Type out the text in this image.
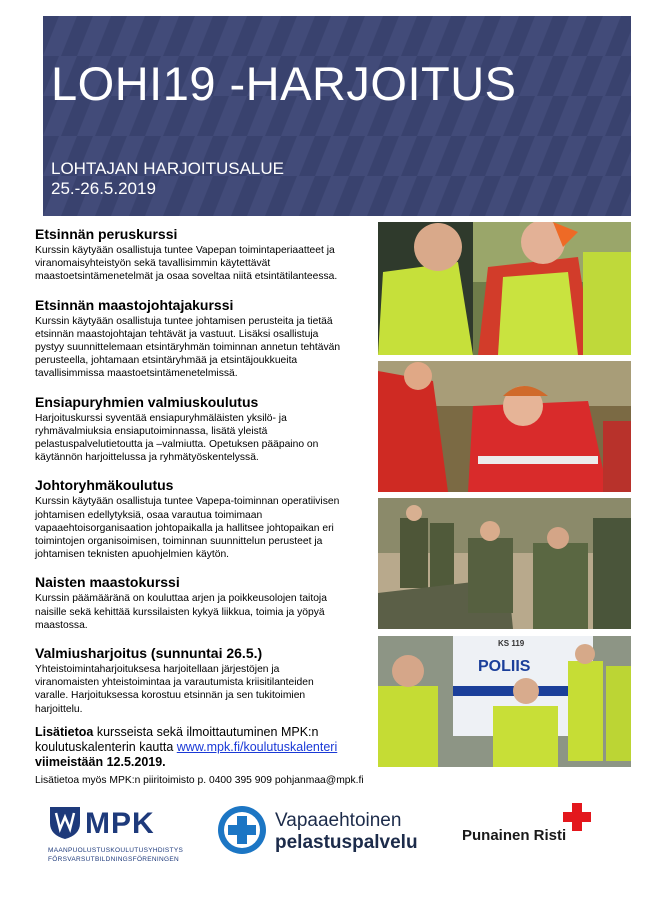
LOHI19 -HARJOITUS
LOHTAJAN HARJOITUSALUE
25.-26.5.2019
Etsinnän peruskurssi

Kurssin käytyään osallistuja tuntee Vapepan toimintaperiaatteet ja
viranomaisyhteistyön sekä tavallisimmin käytettävät
maastoetsintämenetelmät ja osaa soveltaa niitä etsintätilanteessa.

Etsinnän maastojohtajakurssi

Kurssin käytyään osallistuja tuntee johtamisen perusteita ja tietää
etsinnän maastojohtajan tehtävät ja vastuut. Lisäksi osallistuja
pystyy suunnittelemaan etsintäryhmän toiminnan annetun tehtävän
perusteella, johtamaan etsintäryhmää ja etsintäjoukkueita
tavallisimmissa maastoetsintämenetelmissä.

Ensiapuryhmien valmiuskoulutus

Harjoituskurssi syventää ensiapuryhmäläisten yksilö- ja
ryhmävalmiuksia ensiaputoiminnassa, lisätä yleistä
pelastuspalvelutietoutta ja –valmiutta. Opetuksen pääpaino on
käytännön harjoittelussa ja ryhmätyöskentelyssä.

Johtoryhmäkoulutus

Kurssin käytyään osallistuja tuntee Vapepa-toiminnan operatiivisen
johtamisen edellytyksiä, osaa varautua toimimaan
vapaaehtoisorganisaation johtopaikalla ja hallitsee johtopaikan eri
toimintojen organisoimisen, toiminnan suunnittelun perusteet ja
johtamisen teknisten apuohjelmien käytön.

Naisten maastokurssi

Kurssin päämääränä on kouluttaa arjen ja poikkeusolojen taitoja
naisille sekä kehittää kurssilaisten kykyä liikkua, toimia ja yöpyä
maastossa.

Valmiusharjoitus (sunnuntai 26.5.)

Yhteistoimintaharjoituksesa harjoitellaan järjestöjen ja
viranomaisten yhteistoimintaa ja varautumista kriisitilanteiden
varalle. Harjoituksessa korostuu etsinnän ja sen tukitoimien
harjoittelu.

POLIIS
KS 119
Lisätietoa kursseista sekä ilmoittautuminen MPK:n
koulutuskalenterin kautta www.mpk.fi/koulutuskalenteri
viimeistään 12.5.2019.
Lisätietoa myös MPK:n piiritoimisto p. 0400 395 909 pohjanmaa@mpk.fi
MPK
MAANPUOLUSTUSKOULUTUSYHDISTYS
FÖRSVARSUTBILDNINGSFÖRENINGEN
Vapaaehtoinen
pelastuspalvelu	Punainen Risti
